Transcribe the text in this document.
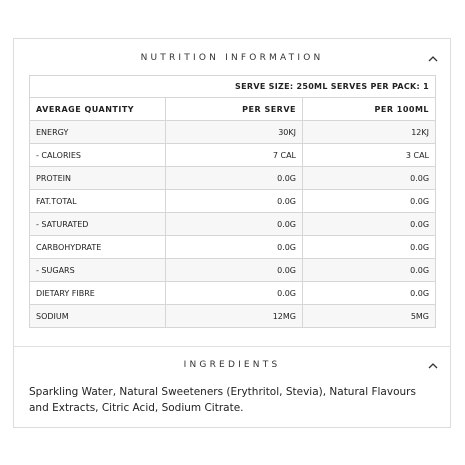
NUTRITION INFORMATION
SERVE SIZE: 250ML SERVES PER PACK: 1		
AVERAGE QUANTITY	PER SERVE	PER 100ML
ENERGY	30KJ	12KJ
- CALORIES	7 CAL	3 CAL
PROTEIN	0.0G	0.0G
FAT.TOTAL	0.0G	0.0G
- SATURATED	0.0G	0.0G
CARBOHYDRATE	0.0G	0.0G
- SUGARS	0.0G	0.0G
DIETARY FIBRE	0.0G	0.0G
SODIUM	12MG	5MG
INGREDIENTS
Sparkling Water, Natural Sweeteners (Erythritol, Stevia), Natural Flavours and Extracts, Citric Acid, Sodium Citrate.
